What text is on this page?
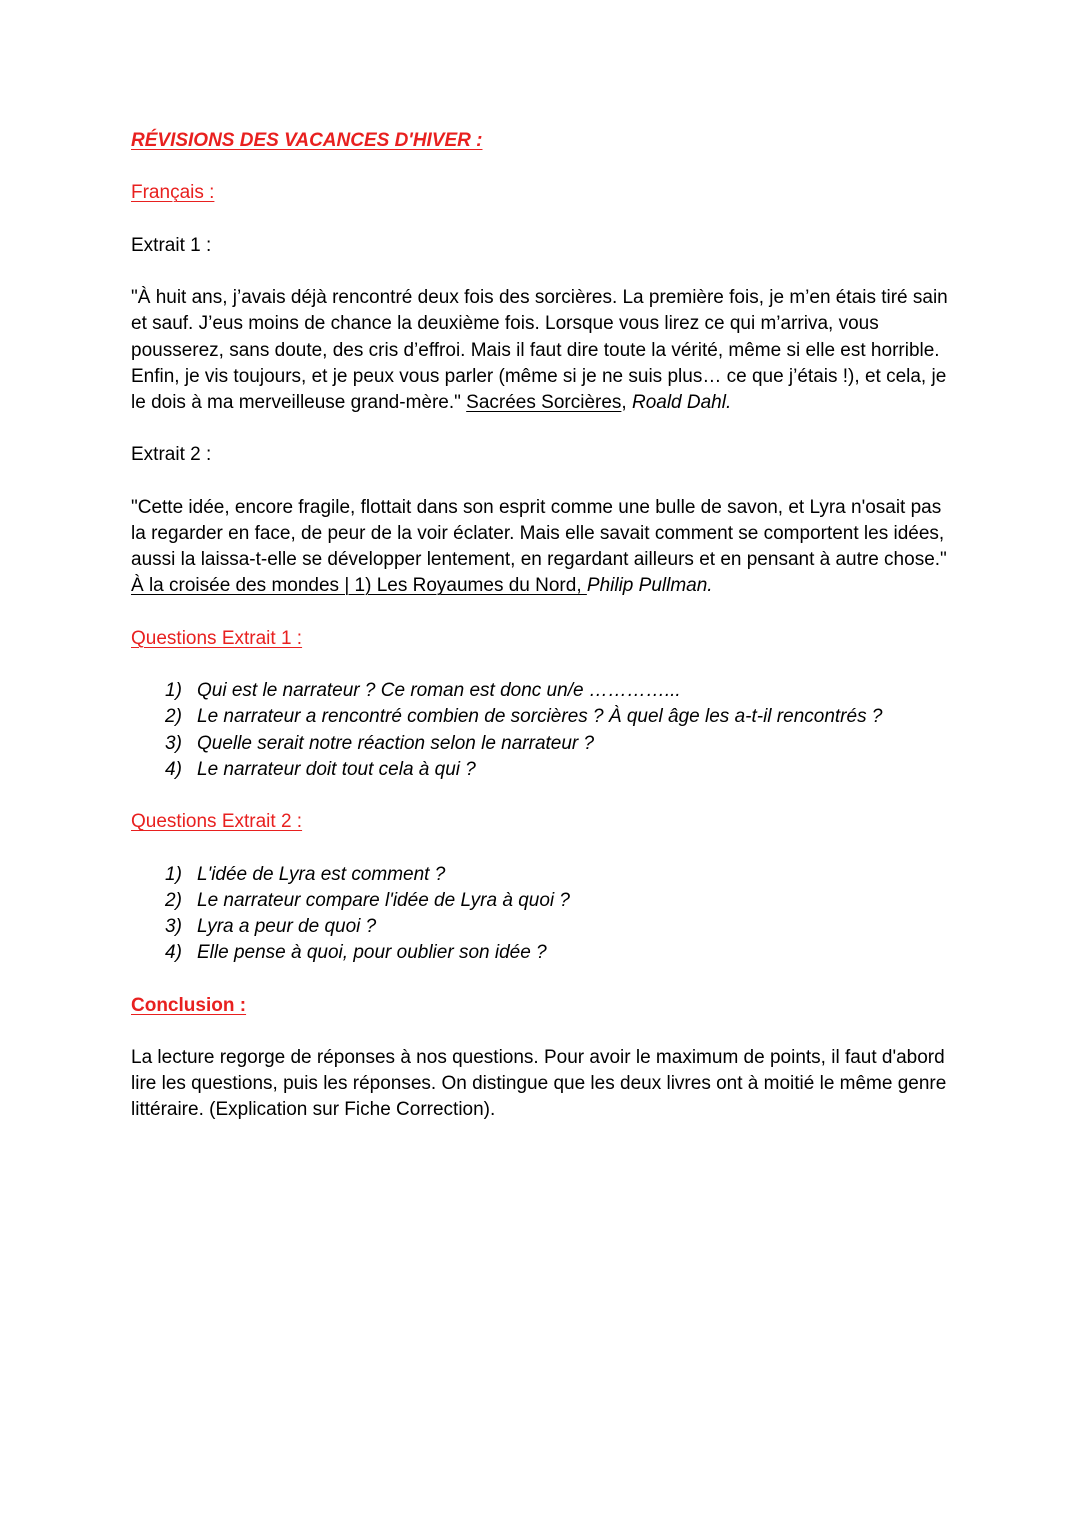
RÉVISIONS DES VACANCES D'HIVER :

Français :

Extrait 1 :

"À huit ans, j’avais déjà rencontré deux fois des sorcières. La première fois, je m’en étais tiré sain et sauf. J’eus moins de chance la deuxième fois. Lorsque vous lirez ce qui m’arriva, vous pousserez, sans doute, des cris d’effroi. Mais il faut dire toute la vérité, même si elle est horrible. Enfin, je vis toujours, et je peux vous parler (même si je ne suis plus… ce que j’étais !), et cela, je le dois à ma merveilleuse grand-mère." Sacrées Sorcières, Roald Dahl.

Extrait 2 :

"Cette idée, encore fragile, flottait dans son esprit comme une bulle de savon, et Lyra n'osait pas la regarder en face, de peur de la voir éclater. Mais elle savait comment se comportent les idées, aussi la laissa-t-elle se développer lentement, en regardant ailleurs et en pensant à autre chose."

À la croisée des mondes | 1) Les Royaumes du Nord, Philip Pullman.

Questions Extrait 1 :

1) Qui est le narrateur ? Ce roman est donc un/e …………...
2) Le narrateur a rencontré combien de sorcières ? À quel âge les a-t-il rencontrés ?
3) Quelle serait notre réaction selon le narrateur ?
4) Le narrateur doit tout cela à qui ?

Questions Extrait 2 :

1) L'idée de Lyra est comment ?
2) Le narrateur compare l'idée de Lyra à quoi ?
3) Lyra a peur de quoi ?
4) Elle pense à quoi, pour oublier son idée ?

Conclusion :

La lecture regorge de réponses à nos questions. Pour avoir le maximum de points, il faut d'abord lire les questions, puis les réponses. On distingue que les deux livres ont à moitié le même genre littéraire. (Explication sur Fiche Correction).
